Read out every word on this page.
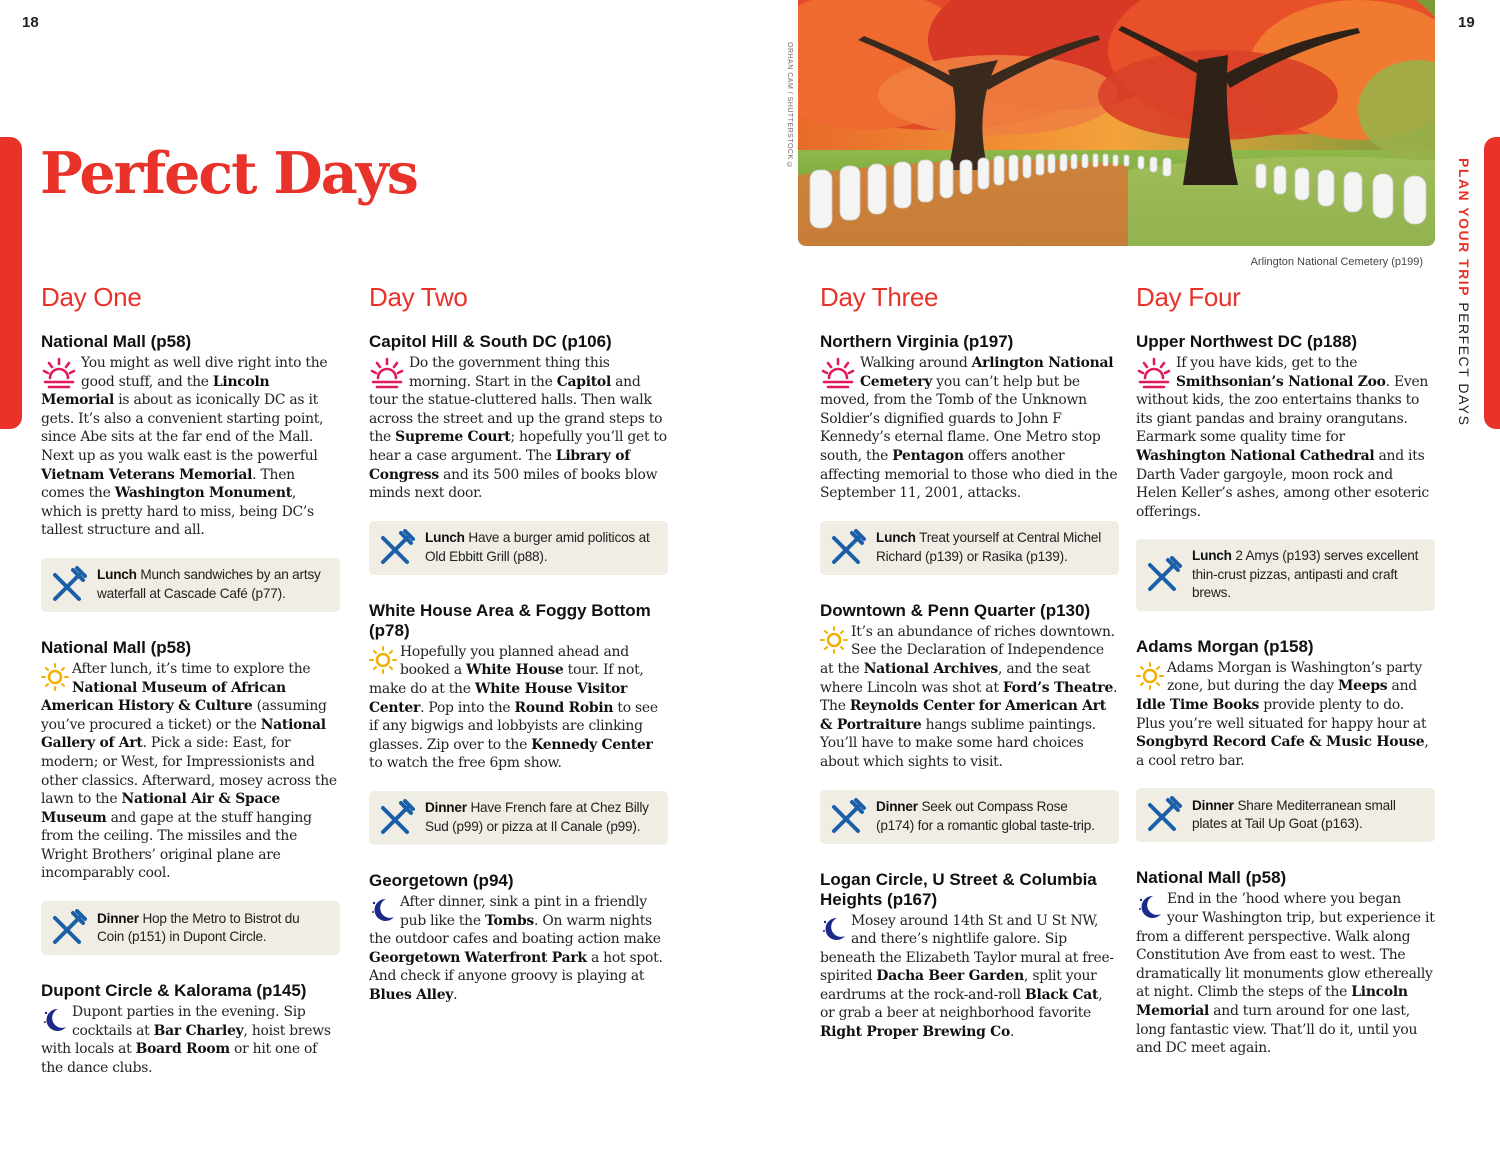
18	19
PLAN YOUR TRIP PERFECT DAYS
Perfect Days
ORHAN CAM / SHUTTERSTOCK ©
Arlington National Cemetery (p199)
Day One
National Mall (p58)

You might as well dive right into the good stuff, and the Lincoln Memorial is about as iconically DC as it gets. It’s also a convenient starting point, since Abe sits at the far end of the Mall. Next up as you walk east is the powerful Vietnam Veterans Memorial. Then comes the Washington Monument, which is pretty hard to miss, being DC’s tallest structure and all.

Lunch Munch sandwiches by an artsy waterfall at Cascade Café (p77).
National Mall (p58)

After lunch, it’s time to explore the National Museum of African American History & Culture (assuming you’ve procured a ticket) or the National Gallery of Art. Pick a side: East, for modern; or West, for Impressionists and other classics. Afterward, mosey across the lawn to the National Air & Space Museum and gape at the stuff hanging from the ceiling. The missiles and the Wright Brothers’ original plane are incomparably cool.

Dinner Hop the Metro to Bistrot du Coin (p151) in Dupont Circle.
Dupont Circle & Kalorama (p145)

Dupont parties in the evening. Sip cocktails at Bar Charley, hoist brews with locals at Board Room or hit one of the dance clubs.

Day Two
Capitol Hill & South DC (p106)

Do the government thing this morning. Start in the Capitol and tour the statue-cluttered halls. Then walk across the street and up the grand steps to the Supreme Court; hopefully you’ll get to hear a case argument. The Library of Congress and its 500 miles of books blow minds next door.

Lunch Have a burger amid politicos at Old Ebbitt Grill (p88).
White House Area & Foggy Bottom (p78)

Hopefully you planned ahead and booked a White House tour. If not, make do at the White House Visitor Center. Pop into the Round Robin to see if any bigwigs and lobbyists are clinking glasses. Zip over to the Kennedy Center to watch the free 6pm show.

Dinner Have French fare at Chez Billy Sud (p99) or pizza at Il Canale (p99).
Georgetown (p94)

After dinner, sink a pint in a friendly pub like the Tombs. On warm nights the outdoor cafes and boating action make Georgetown Waterfront Park a hot spot. And check if anyone groovy is playing at Blues Alley.

Day Three
Northern Virginia (p197)

Walking around Arlington National Cemetery you can’t help but be moved, from the Tomb of the Unknown Soldier’s dignified guards to John F Kennedy’s eternal flame. One Metro stop south, the Pentagon offers another affecting memorial to those who died in the September 11, 2001, attacks.

Lunch Treat yourself at Central Michel Richard (p139) or Rasika (p139).
Downtown & Penn Quarter (p130)

It’s an abundance of riches downtown. See the Declaration of Independence at the National Archives, and the seat where Lincoln was shot at Ford’s Theatre. The Reynolds Center for American Art & Portraiture hangs sublime paintings. You’ll have to make some hard choices about which sights to visit.

Dinner Seek out Compass Rose (p174) for a romantic global taste-trip.
Logan Circle, U Street & Columbia Heights (p167)

Mosey around 14th St and U St NW, and there’s nightlife galore. Sip beneath the Elizabeth Taylor mural at free-spirited Dacha Beer Garden, split your eardrums at the rock-and-roll Black Cat, or grab a beer at neighborhood favorite Right Proper Brewing Co.

Day Four
Upper Northwest DC (p188)

If you have kids, get to the Smithsonian’s National Zoo. Even without kids, the zoo entertains thanks to its giant pandas and brainy orangutans. Earmark some quality time for Washington National Cathedral and its Darth Vader gargoyle, moon rock and Helen Keller’s ashes, among other esoteric offerings.

Lunch 2 Amys (p193) serves excellent thin-crust pizzas, antipasti and craft brews.
Adams Morgan (p158)

Adams Morgan is Washington’s party zone, but during the day Meeps and Idle Time Books provide plenty to do. Plus you’re well situated for happy hour at Songbyrd Record Cafe & Music House, a cool retro bar.

Dinner Share Mediterranean small plates at Tail Up Goat (p163).
National Mall (p58)

End in the ’hood where you began your Washington trip, but experience it from a different perspective. Walk along Constitution Ave from east to west. The dramatically lit monuments glow ethereally at night. Climb the steps of the Lincoln Memorial and turn around for one last, long fantastic view. That’ll do it, until you and DC meet again.
